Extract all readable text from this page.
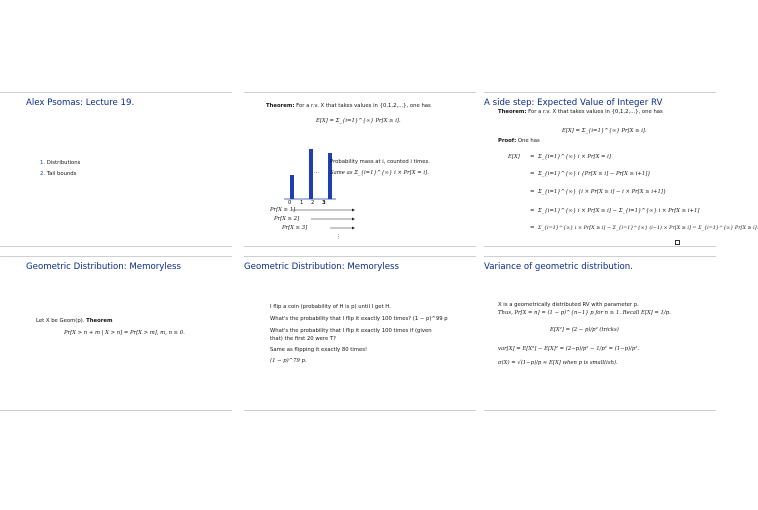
Alex Psomas: Lecture 19.
1. Distributions
2. Tail bounds
Theorem: For a r.v. X that takes values in {0,1,2,...}, one has
E[X] = Σ_{i=1}^{∞} Pr[X ≥ i].
Probability mass at i, counted i times.
··· Same as Σ_{i=1}^{∞} i × Pr[X = i].
0 1 2 3
Pr[X ≥ 1]
Pr[X ≥ 2]
Pr[X ≥ 3]
⋮
A side step: Expected Value of Integer RV
Theorem: For a r.v. X that takes values in {0,1,2,...}, one has
E[X] = Σ_{i=1}^{∞} Pr[X ≥ i].
Proof: One has
E[X] = Σ_{i=1}^{∞} i × Pr[X = i]
= Σ_{i=1}^{∞} i {Pr[X ≥ i] − Pr[X ≥ i+1]}
= Σ_{i=1}^{∞} {i × Pr[X ≥ i] − i × Pr[X ≥ i+1]}
= Σ_{i=1}^{∞} i × Pr[X ≥ i] − Σ_{i=1}^{∞} i × Pr[X ≥ i+1]
= Σ_{i=1}^{∞} i × Pr[X ≥ i] − Σ_{i=1}^{∞} (i−1) × Pr[X ≥ i] = Σ_{i=1}^{∞} Pr[X ≥ i].
Geometric Distribution: Memoryless
Let X be Geom(p). Theorem
Pr[X > n + m | X > n] = Pr[X > m], m, n ≥ 0.
Geometric Distribution: Memoryless
I flip a coin (probability of H is p) until I get H.
What's the probability that I flip it exactly 100 times? (1 − p)^99 p
What's the probability that I flip it exactly 100 times if (given
that) the first 20 were T?
Same as flipping it exactly 80 times!
(1 − p)^79 p.
Variance of geometric distribution.
X is a geometrically distributed RV with parameter p.
Thus, Pr[X = n] = (1 − p)^{n−1} p for n ≥ 1. Recall E[X] = 1/p.
E[X²] = (2 − p)/p² (tricks)
var[X] = E[X²] − E[X]² = (2−p)/p² − 1/p² = (1−p)/p².
σ(X) = √(1−p)/p ≈ E[X] when p is small(ish).
